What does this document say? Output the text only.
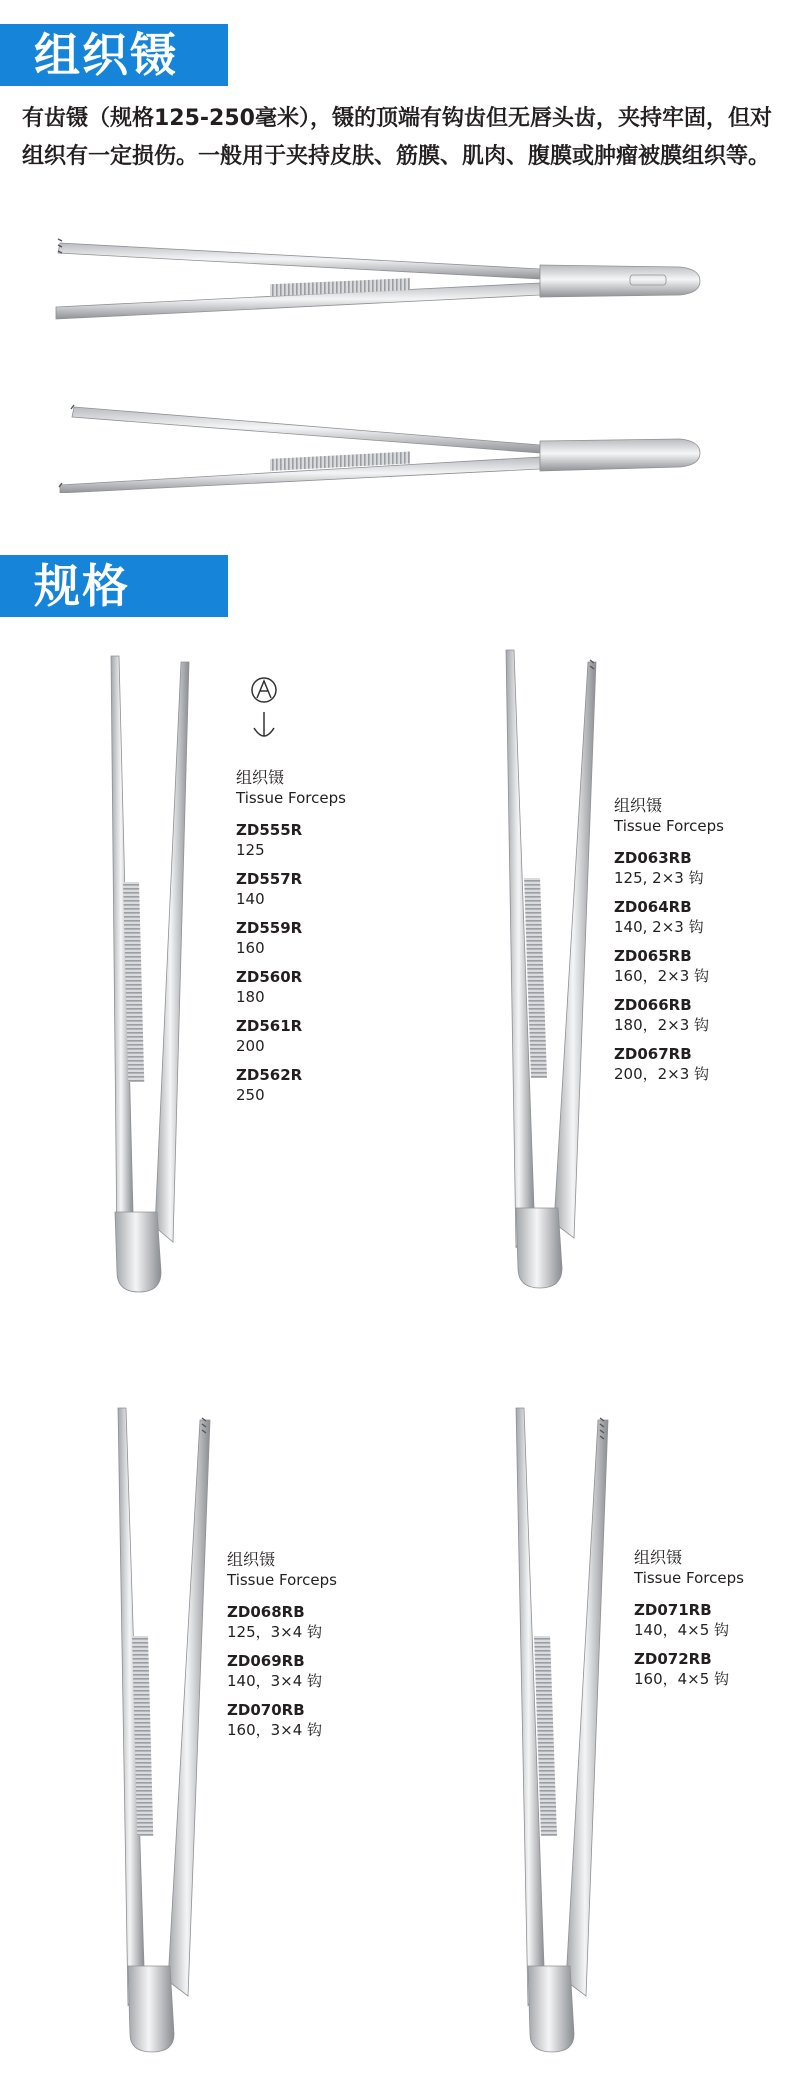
组织镊
有齿镊（规格125-250毫米），镊的顶端有钩齿但无唇头齿，夹持牢固，但对组织有一定损伤。一般用于夹持皮肤、筋膜、肌肉、腹膜或肿瘤被膜组织等。
规格
组织镊
Tissue Forceps
ZD555R
125
ZD557R
140
ZD559R
160
ZD560R
180
ZD561R
200
ZD562R
250
组织镊
Tissue Forceps
ZD063RB
125, 2×3 钩
ZD064RB
140, 2×3 钩
ZD065RB
160，2×3 钩
ZD066RB
180，2×3 钩
ZD067RB
200，2×3 钩
组织镊
Tissue Forceps
ZD068RB
125，3×4 钩
ZD069RB
140，3×4 钩
ZD070RB
160，3×4 钩
组织镊
Tissue Forceps
ZD071RB
140，4×5 钩
ZD072RB
160，4×5 钩
